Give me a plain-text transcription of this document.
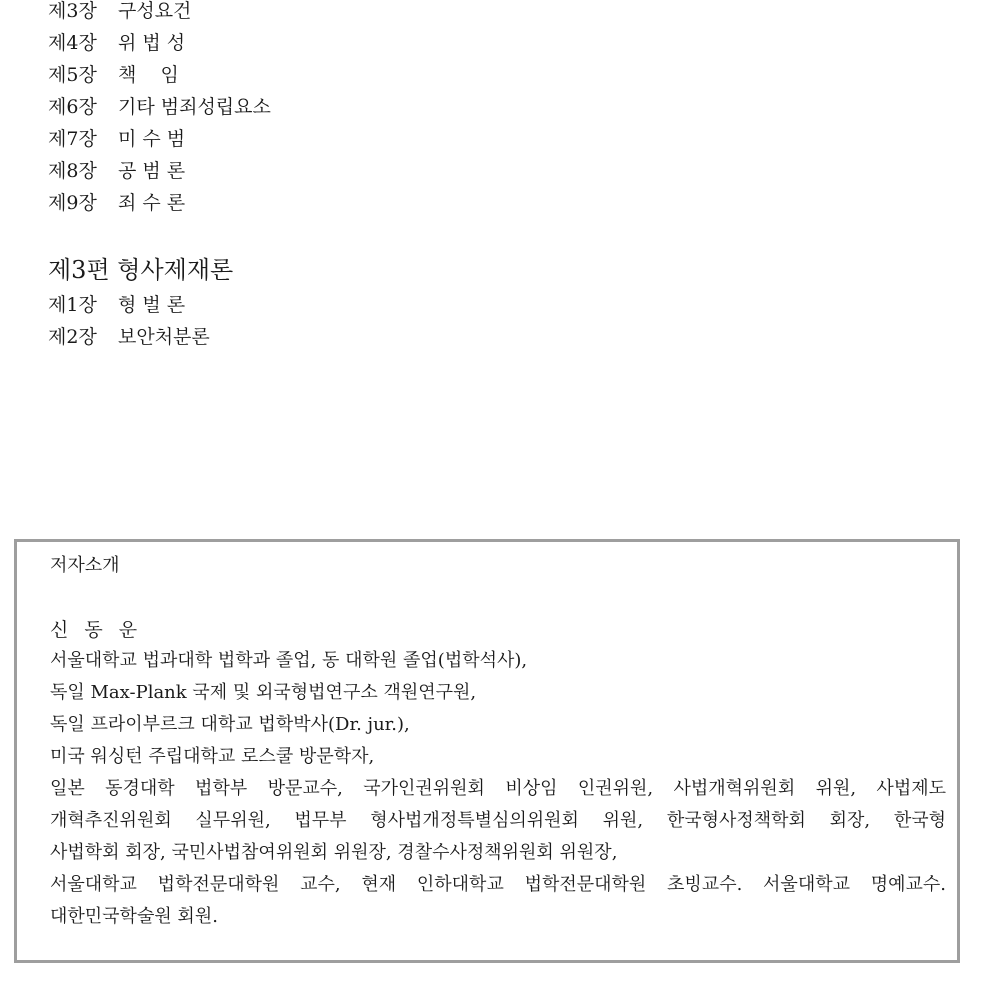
제3장 구성요건
제4장 위 법 성
제5장 책    임
제6장 기타 범죄성립요소
제7장 미 수 범
제8장 공 범 론
제9장 죄 수 론
제3편 형사제재론
제1장 형 벌 론
제2장 보안처분론
저자소개
신 동 운
서울대학교 법과대학 법학과 졸업, 동 대학원 졸업(법학석사),
독일 Max-Plank 국제 및 외국형법연구소 객원연구원,
독일 프라이부르크 대학교 법학박사(Dr. jur.),
미국 워싱턴 주립대학교 로스쿨 방문학자,
일본 동경대학 법학부 방문교수, 국가인권위원회 비상임 인권위원, 사법개혁위원회 위원, 사법제도
개혁추진위원회 실무위원, 법무부 형사법개정특별심의위원회 위원, 한국형사정책학회 회장, 한국형
사법학회 회장, 국민사법참여위원회 위원장, 경찰수사정책위원회 위원장,
서울대학교 법학전문대학원 교수, 현재 인하대학교 법학전문대학원 초빙교수. 서울대학교 명예교수.
대한민국학술원 회원.
